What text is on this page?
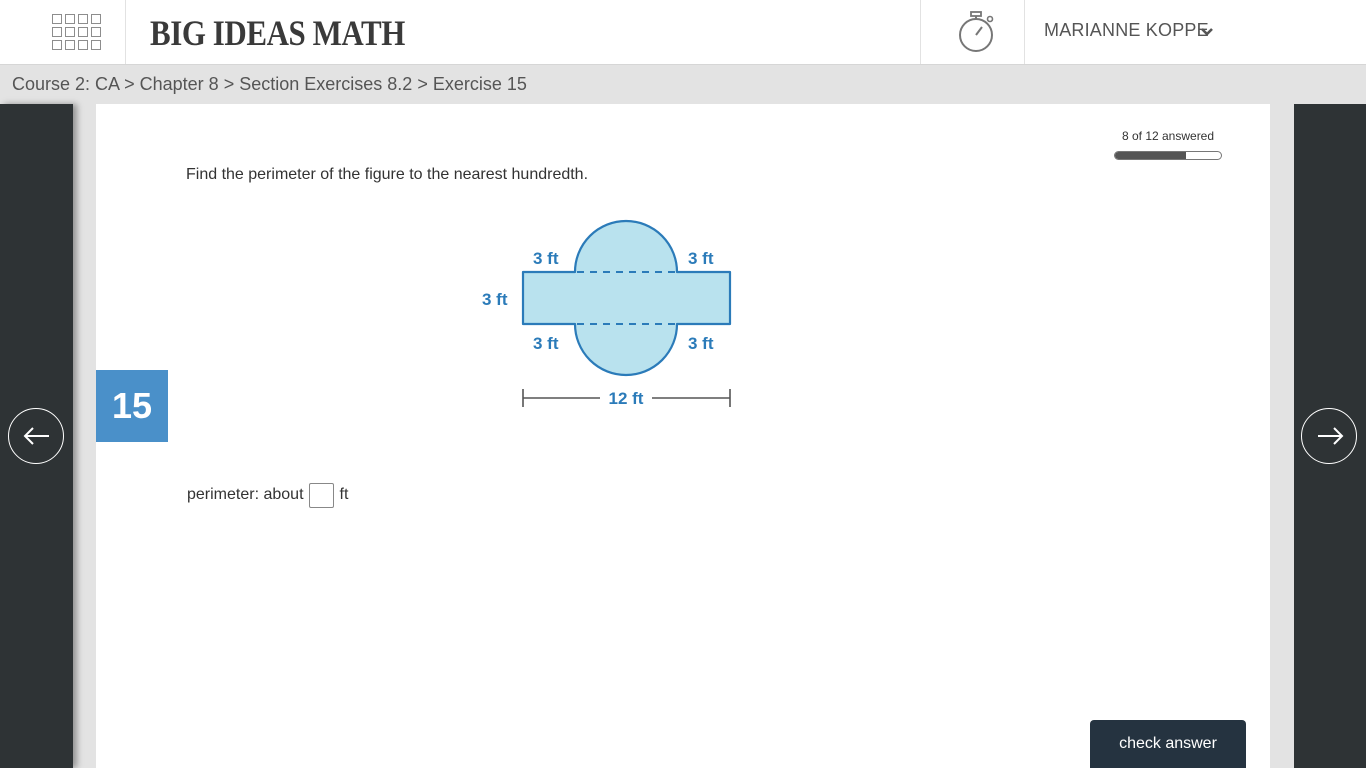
BIG IDEAS MATH	MARIANNE KOPPE
Course 2: CA > Chapter 8 > Section Exercises 8.2 > Exercise 15
8 of 12 answered
Find the perimeter of the figure to the nearest hundredth.
15
3 ft	3 ft
3 ft
3 ft	3 ft
12 ft
perimeter: about ft
check answer
